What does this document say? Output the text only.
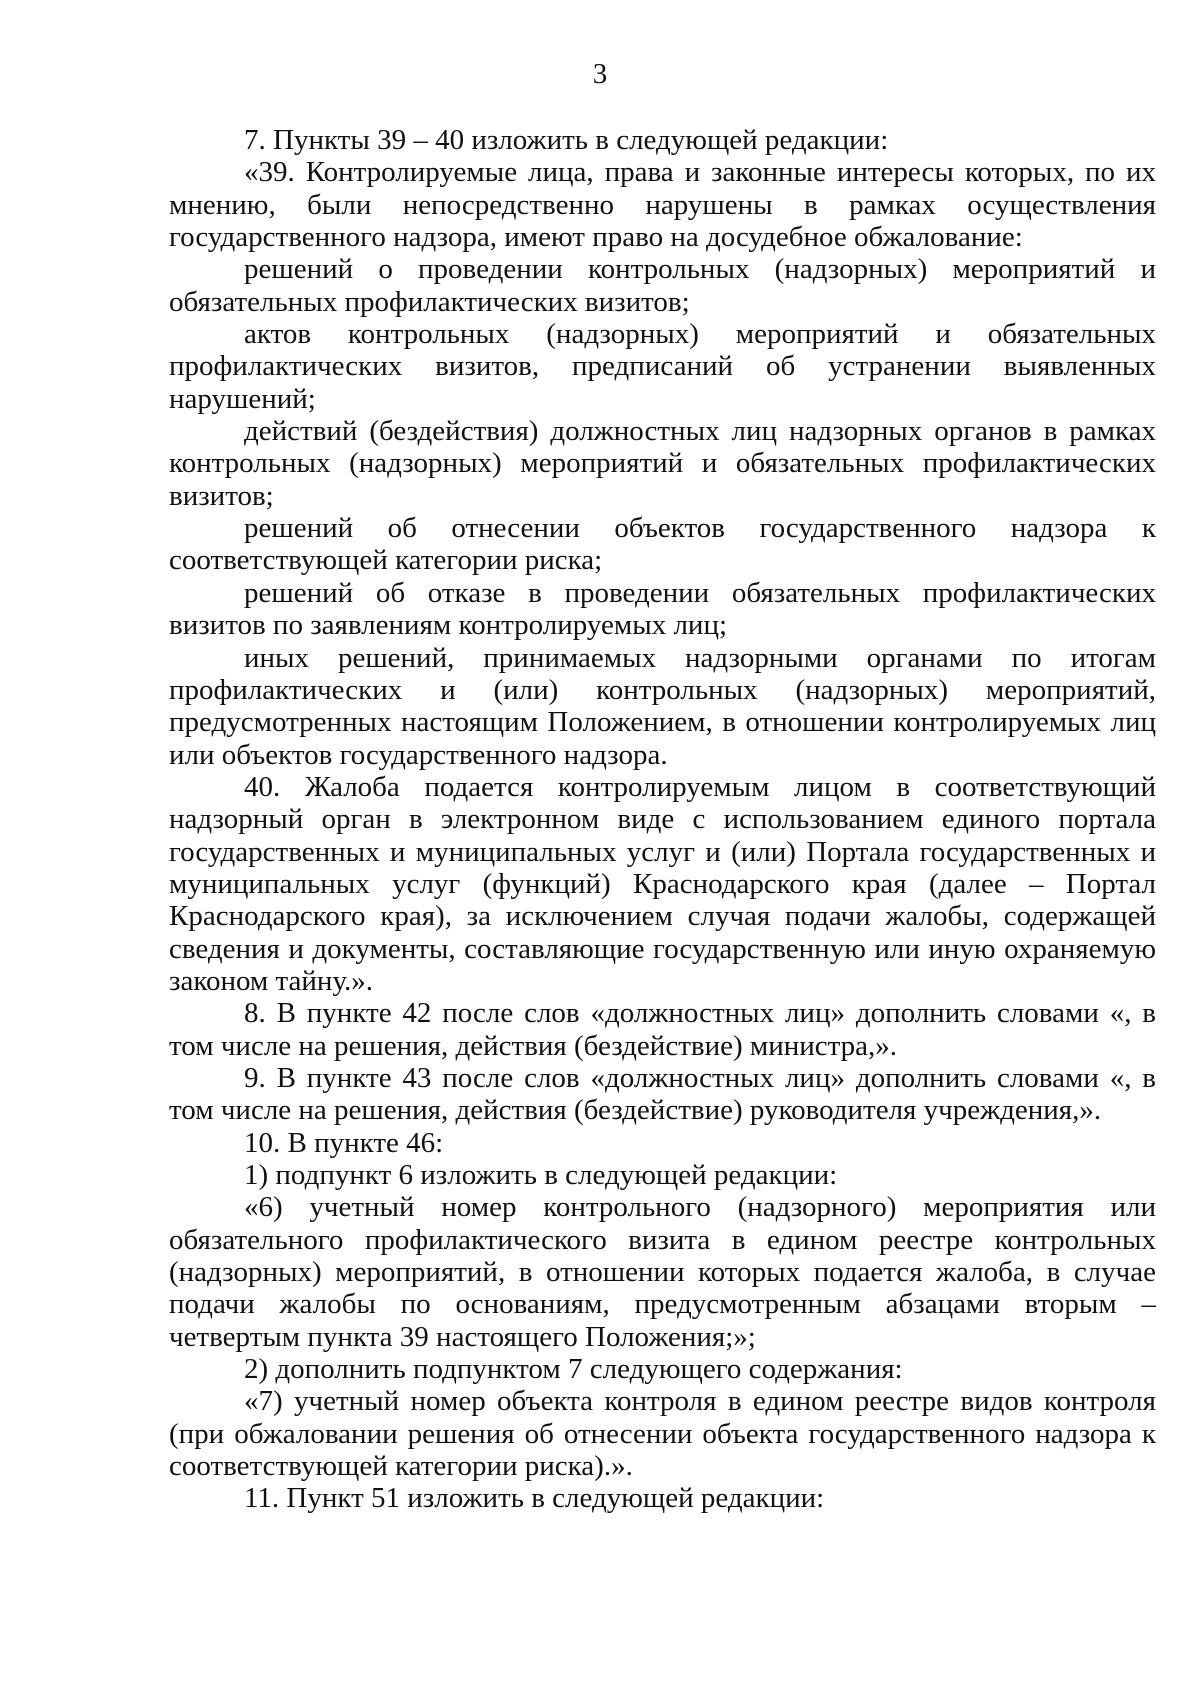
3

7. Пункты 39 – 40 изложить в следующей редакции:

«39. Контролируемые лица, права и законные интересы которых, по их мнению, были непосредственно нарушены в рамках осуществления государственного надзора, имеют право на досудебное обжалование:

решений о проведении контрольных (надзорных) мероприятий и обязательных профилактических визитов;

актов контрольных (надзорных) мероприятий и обязательных профилактических визитов, предписаний об устранении выявленных нарушений;

действий (бездействия) должностных лиц надзорных органов в рамках контрольных (надзорных) мероприятий и обязательных профилактических визитов;

решений об отнесении объектов государственного надзора к соответствующей категории риска;

решений об отказе в проведении обязательных профилактических визитов по заявлениям контролируемых лиц;

иных решений, принимаемых надзорными органами по итогам профилактических и (или) контрольных (надзорных) мероприятий, предусмотренных настоящим Положением, в отношении контролируемых лиц или объектов государственного надзора.

40. Жалоба подается контролируемым лицом в соответствующий надзорный орган в электронном виде с использованием единого портала государственных и муниципальных услуг и (или) Портала государственных и муниципальных услуг (функций) Краснодарского края (далее – Портал Краснодарского края), за исключением случая подачи жалобы, содержащей сведения и документы, составляющие государственную или иную охраняемую законом тайну.».

8. В пункте 42 после слов «должностных лиц» дополнить словами «, в том числе на решения, действия (бездействие) министра,».

9. В пункте 43 после слов «должностных лиц» дополнить словами «, в том числе на решения, действия (бездействие) руководителя учреждения,».

10. В пункте 46:

1) подпункт 6 изложить в следующей редакции:

«6) учетный номер контрольного (надзорного) мероприятия или обязательного профилактического визита в едином реестре контрольных (надзорных) мероприятий, в отношении которых подается жалоба, в случае подачи жалобы по основаниям, предусмотренным абзацами вторым – четвертым пункта 39 настоящего Положения;»;

2) дополнить подпунктом 7 следующего содержания:

«7) учетный номер объекта контроля в едином реестре видов контроля (при обжаловании решения об отнесении объекта государственного надзора к соответствующей категории риска).».

11. Пункт 51 изложить в следующей редакции:
